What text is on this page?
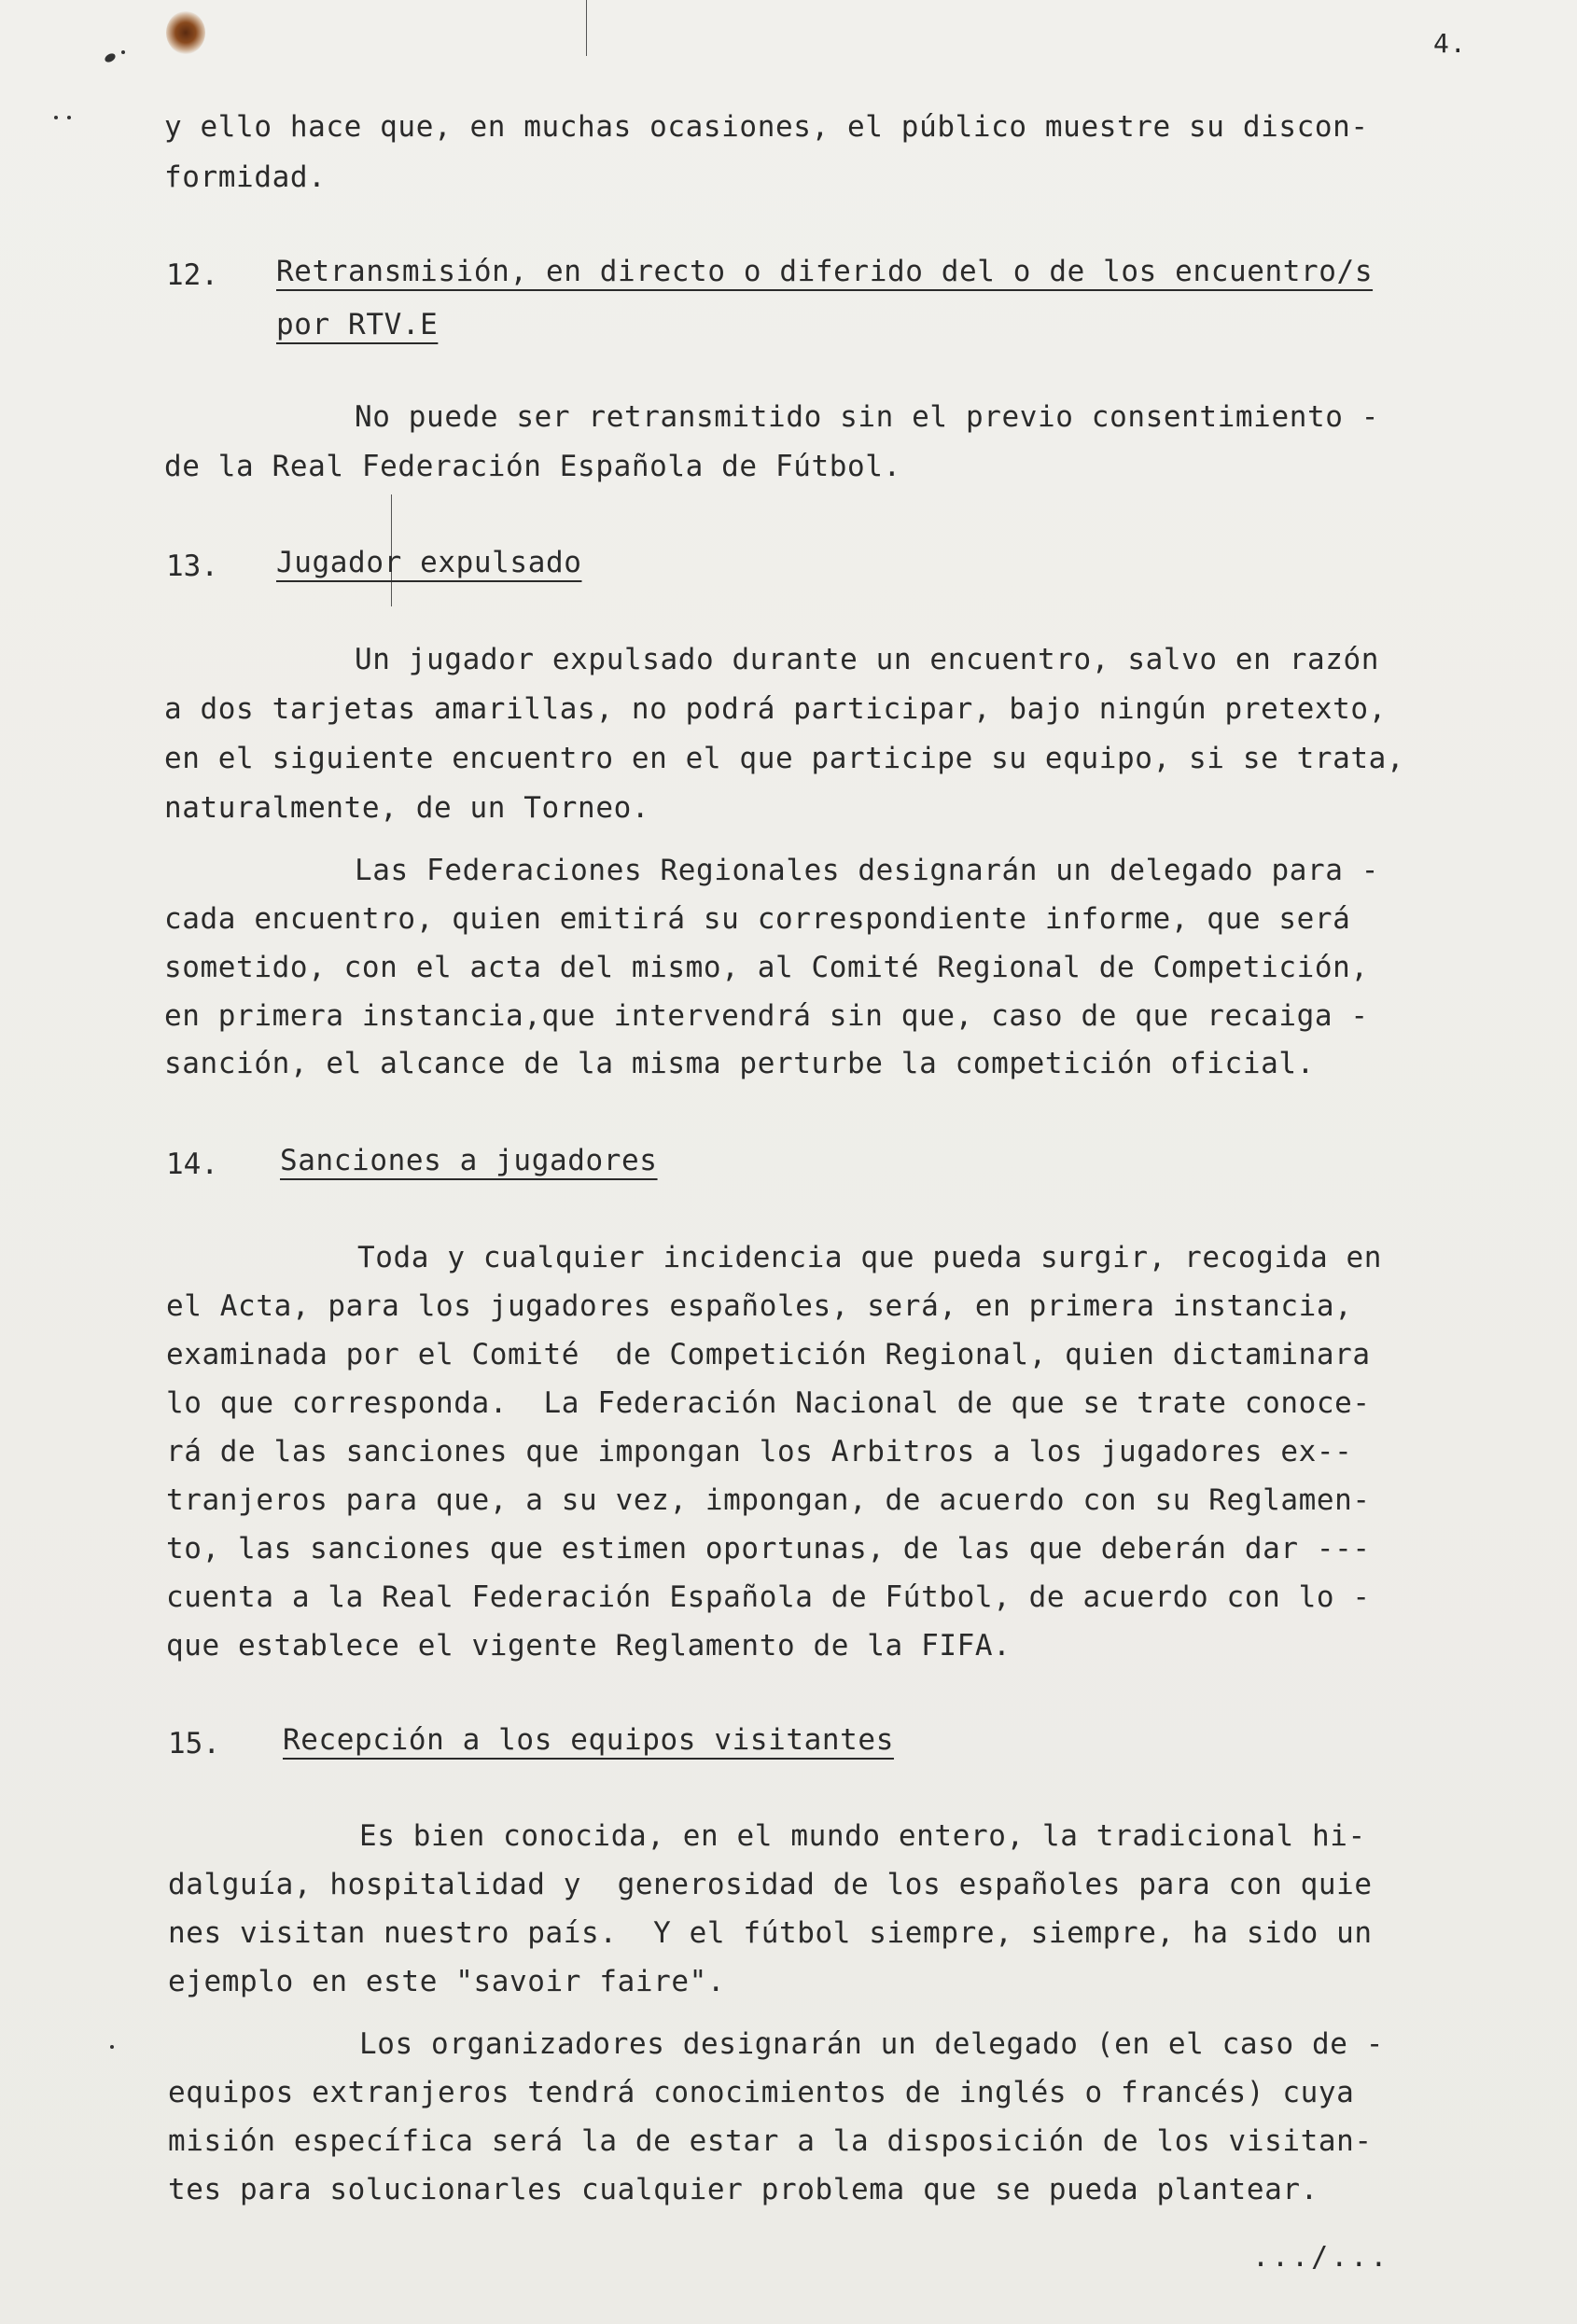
4.
y ello hace que, en muchas ocasiones, el público muestre su discon-
formidad.
12. Retransmisión, en directo o diferido del o de los encuentro/s
por RTV.E
No puede ser retransmitido sin el previo consentimiento -
de la Real Federación Española de Fútbol.
13. Jugador expulsado
Un jugador expulsado durante un encuentro, salvo en razón
a dos tarjetas amarillas, no podrá participar, bajo ningún pretexto,
en el siguiente encuentro en el que participe su equipo, si se trata,
naturalmente, de un Torneo.
Las Federaciones Regionales designarán un delegado para -
cada encuentro, quien emitirá su correspondiente informe, que será
sometido, con el acta del mismo, al Comité Regional de Competición,
en primera instancia,que intervendrá sin que, caso de que recaiga -
sanción, el alcance de la misma perturbe la competición oficial.
14. Sanciones a jugadores
Toda y cualquier incidencia que pueda surgir, recogida en
el Acta, para los jugadores españoles, será, en primera instancia,
examinada por el Comité  de Competición Regional, quien dictaminara
lo que corresponda.  La Federación Nacional de que se trate conoce-
rá de las sanciones que impongan los Arbitros a los jugadores ex--
tranjeros para que, a su vez, impongan, de acuerdo con su Reglamen-
to, las sanciones que estimen oportunas, de las que deberán dar ---
cuenta a la Real Federación Española de Fútbol, de acuerdo con lo -
que establece el vigente Reglamento de la FIFA.
15. Recepción a los equipos visitantes
Es bien conocida, en el mundo entero, la tradicional hi-
dalguía, hospitalidad y  generosidad de los españoles para con quie
nes visitan nuestro país.  Y el fútbol siempre, siempre, ha sido un
ejemplo en este "savoir faire".
Los organizadores designarán un delegado (en el caso de -
equipos extranjeros tendrá conocimientos de inglés o francés) cuya
misión específica será la de estar a la disposición de los visitan-
tes para solucionarles cualquier problema que se pueda plantear.
.../...
